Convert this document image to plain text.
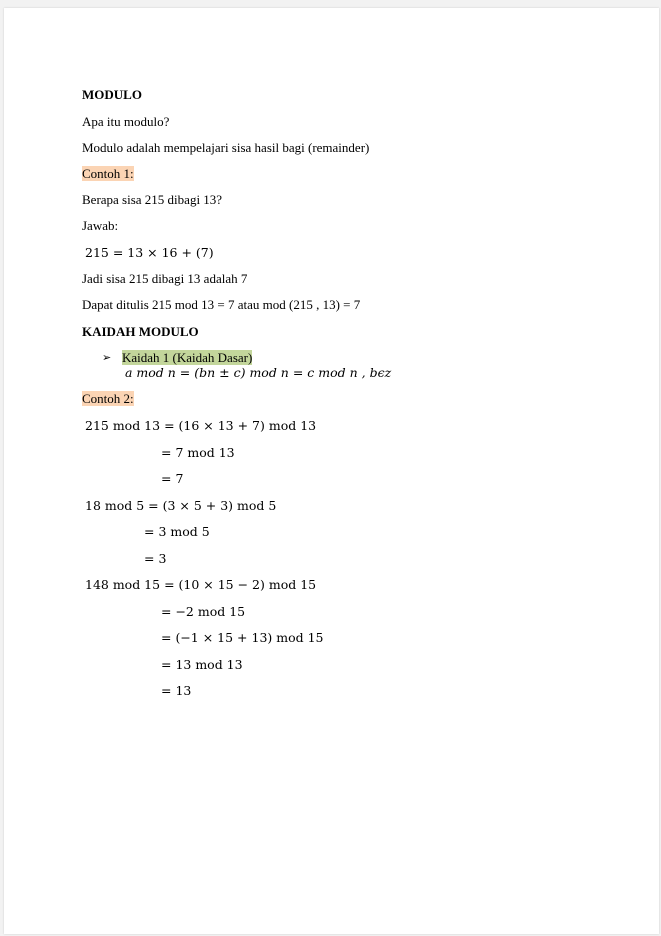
MODULO
Apa itu modulo?
Modulo adalah mempelajari sisa hasil bagi (remainder)
Contoh 1:
Berapa sisa 215 dibagi 13?
Jawab:
215 = 13 × 16 + (7)
Jadi sisa 215 dibagi 13 adalah 7
Dapat ditulis 215 mod 13 = 7 atau mod (215 , 13) = 7
KAIDAH MODULO
➢ Kaidah 1 (Kaidah Dasar)
a mod n = (bn ± c) mod n = c mod n , bϵz
Contoh 2:
215 mod 13 = (16 × 13 + 7) mod 13
= 7 mod 13
= 7
18 mod 5 = (3 × 5 + 3) mod 5
= 3 mod 5
= 3
148 mod 15 = (10 × 15 − 2) mod 15
= −2 mod 15
= (−1 × 15 + 13) mod 15
= 13 mod 13
= 13
